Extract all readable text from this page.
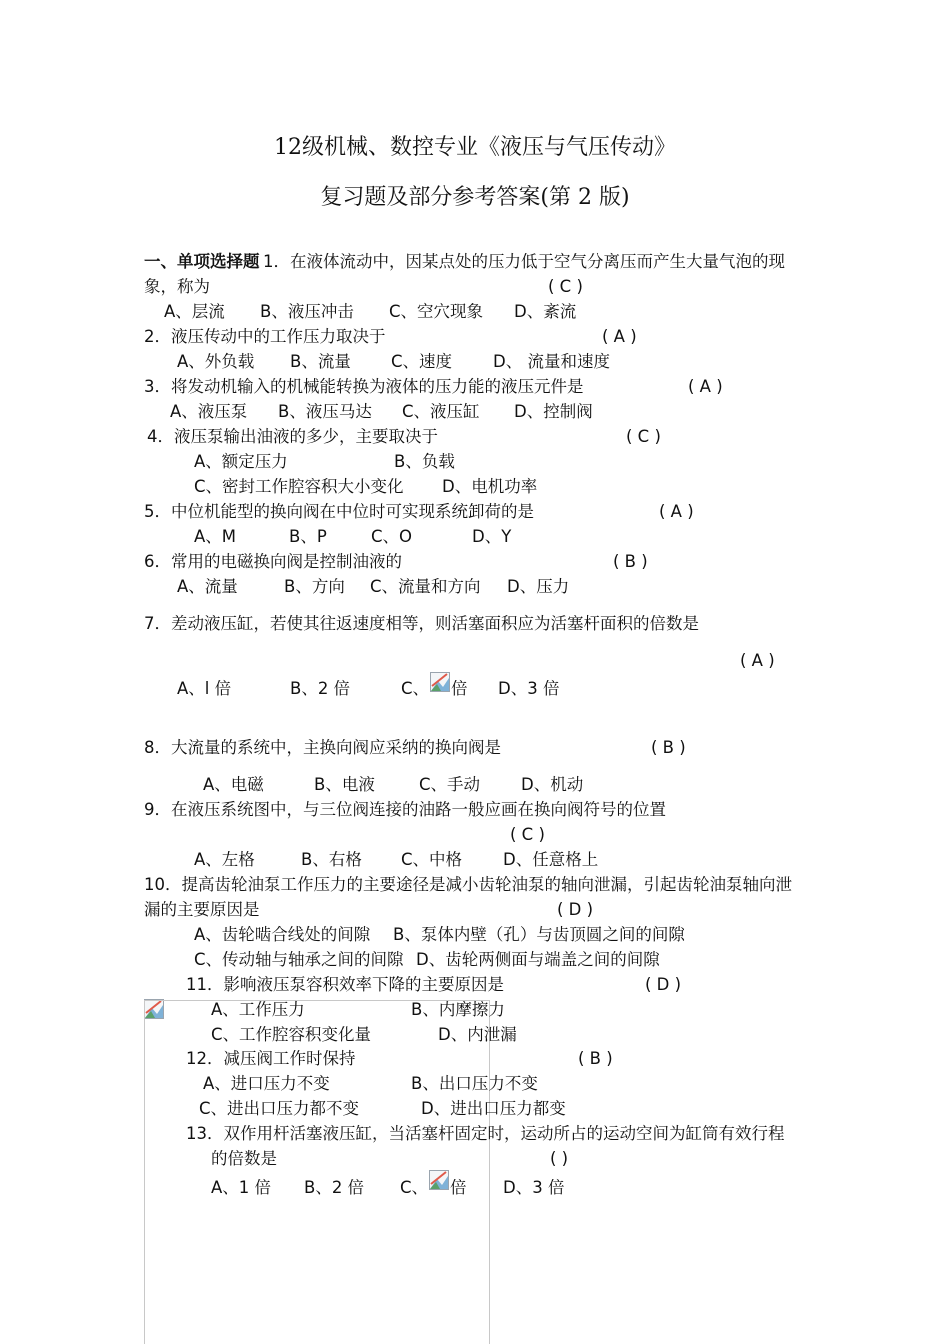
12级机械、数控专业《液压与气压传动》
复习题及部分参考答案(第 2 版)
一、单项选择题 1．在液体流动中，因某点处的压力低于空气分离压而产生大量气泡的现
象，称为	( C )
A、层流 B、液压冲击 C、空穴现象 D、紊流
2．液压传动中的工作压力取决于	( A )
A、外负载 B、流量 C、速度 D、 流量和速度
3．将发动机输入的机械能转换为液体的压力能的液压元件是	( A )
A、液压泵 B、液压马达 C、液压缸 D、控制阀
4．液压泵输出油液的多少，主要取决于	( C )
A、额定压力	B、负载
C、密封工作腔容积大小变化 D、电机功率
5．中位机能型的换向阀在中位时可实现系统卸荷的是	( A )
A、M	B、P	C、O	D、Y
6．常用的电磁换向阀是控制油液的	( B )
A、流量	B、方向 C、流量和方向 D、压力
7．差动液压缸，若使其往返速度相等，则活塞面积应为活塞杆面积的倍数是
( A )
A、l 倍	B、2 倍	C、 倍 D、3 倍
8．大流量的系统中，主换向阀应采纳的换向阀是	( B )
A、电磁	B、电液	C、手动 D、机动
9．在液压系统图中，与三位阀连接的油路一般应画在换向阀符号的位置
( C )
A、左格	B、右格 C、中格 D、任意格上
10．提高齿轮油泵工作压力的主要途径是减小齿轮油泵的轴向泄漏，引起齿轮油泵轴向泄
漏的主要原因是	( D )
A、齿轮啮合线处的间隙 B、泵体内壁（孔）与齿顶圆之间的间隙
C、传动轴与轴承之间的间隙 D、齿轮两侧面与端盖之间的间隙
11．影响液压泵容积效率下降的主要原因是	( D )
A、工作压力	B、内摩擦力
C、工作腔容积变化量	D、内泄漏
12．减压阀工作时保持	( B )
A、进口压力不变	B、出口压力不变
C、进出口压力都不变	D、进出口压力都变
13．双作用杆活塞液压缸，当活塞杆固定时，运动所占的运动空间为缸筒有效行程
的倍数是	( )
A、1 倍 B、2 倍 C、 倍 D、3 倍
